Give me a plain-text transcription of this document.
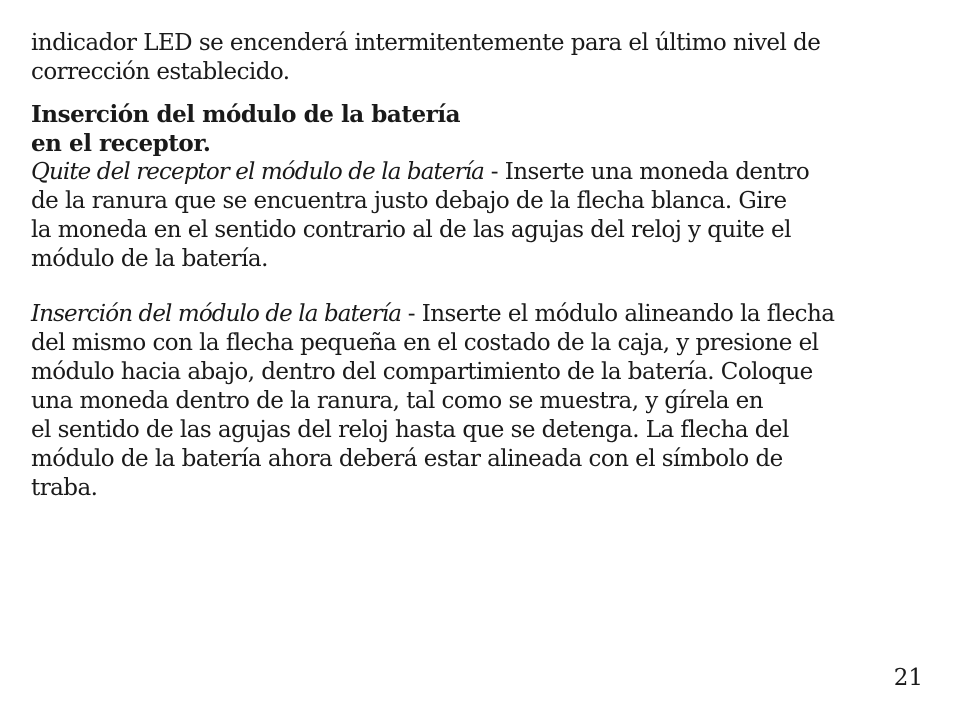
indicador LED se encenderá intermitentemente para el último nivel de
corrección establecido.
Inserción del módulo de la batería
en el receptor.
Quite del receptor el módulo de la batería - Inserte una moneda dentro
de la ranura que se encuentra justo debajo de la flecha blanca. Gire
la moneda en el sentido contrario al de las agujas del reloj y quite el
módulo de la batería.
Inserción del módulo de la batería - Inserte el módulo alineando la flecha
del mismo con la flecha pequeña en el costado de la caja, y presione el
módulo hacia abajo, dentro del compartimiento de la batería. Coloque
una moneda dentro de la ranura, tal como se muestra, y gírela en
el sentido de las agujas del reloj hasta que se detenga. La flecha del
módulo de la batería ahora deberá estar alineada con el símbolo de
traba.
21
